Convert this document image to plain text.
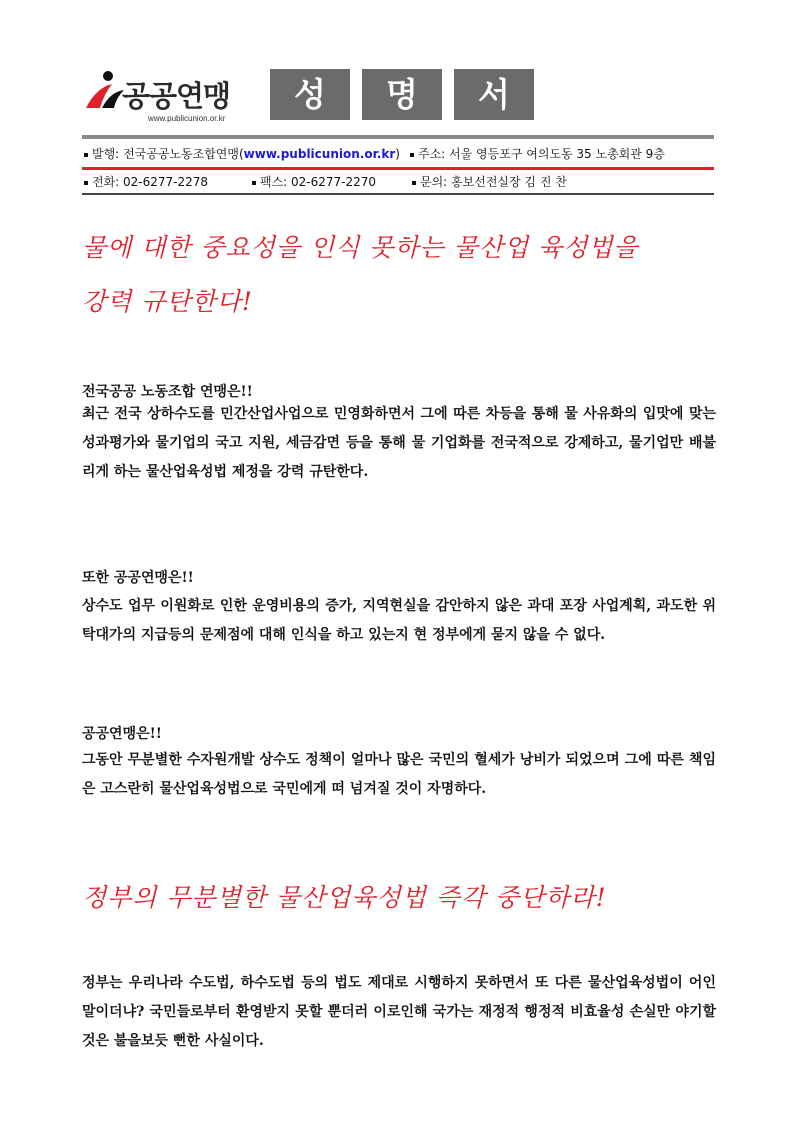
공공연맹
www.publicunion.or.kr
성	명	서
발행: 전국공공노동조합연맹(www.publicunion.or.kr)	주소: 서울 영등포구 여의도동 35 노총회관 9층
전화: 02-6277-2278	팩스: 02-6277-2270	문의: 홍보선전실장 김 진 찬
물에 대한 중요성을 인식 못하는 물산업 육성법을
강력 규탄한다!
전국공공 노동조합 연맹은!!
최근 전국 상하수도를 민간산업사업으로 민영화하면서 그에 따른 차등을 통해 물 사유화의 입맛에 맞는 성과평가와 물기업의 국고 지원, 세금감면 등을 통해 물 기업화를 전국적으로 강제하고, 물기업만 배불리게 하는 물산업육성법 제정을 강력 규탄한다.
또한 공공연맹은!!
상수도 업무 이원화로 인한 운영비용의 증가, 지역현실을 감안하지 않은 과대 포장 사업계획, 과도한 위탁대가의 지급등의 문제점에 대해 인식을 하고 있는지 현 정부에게 묻지 않을 수 없다.
공공연맹은!!
그동안 무분별한 수자원개발 상수도 정책이 얼마나 많은 국민의 혈세가 낭비가 되었으며 그에 따른 책임은 고스란히 물산업육성법으로 국민에게 떠 넘겨질 것이 자명하다.
정부의 무분별한 물산업육성법 즉각 중단하라!
정부는 우리나라 수도법, 하수도법 등의 법도 제대로 시행하지 못하면서 또 다른 물산업육성법이 어인 말이더냐? 국민들로부터 환영받지 못할 뿐더러 이로인해 국가는 재정적 행정적 비효율성 손실만 야기할 것은 불을보듯 뻔한 사실이다.
